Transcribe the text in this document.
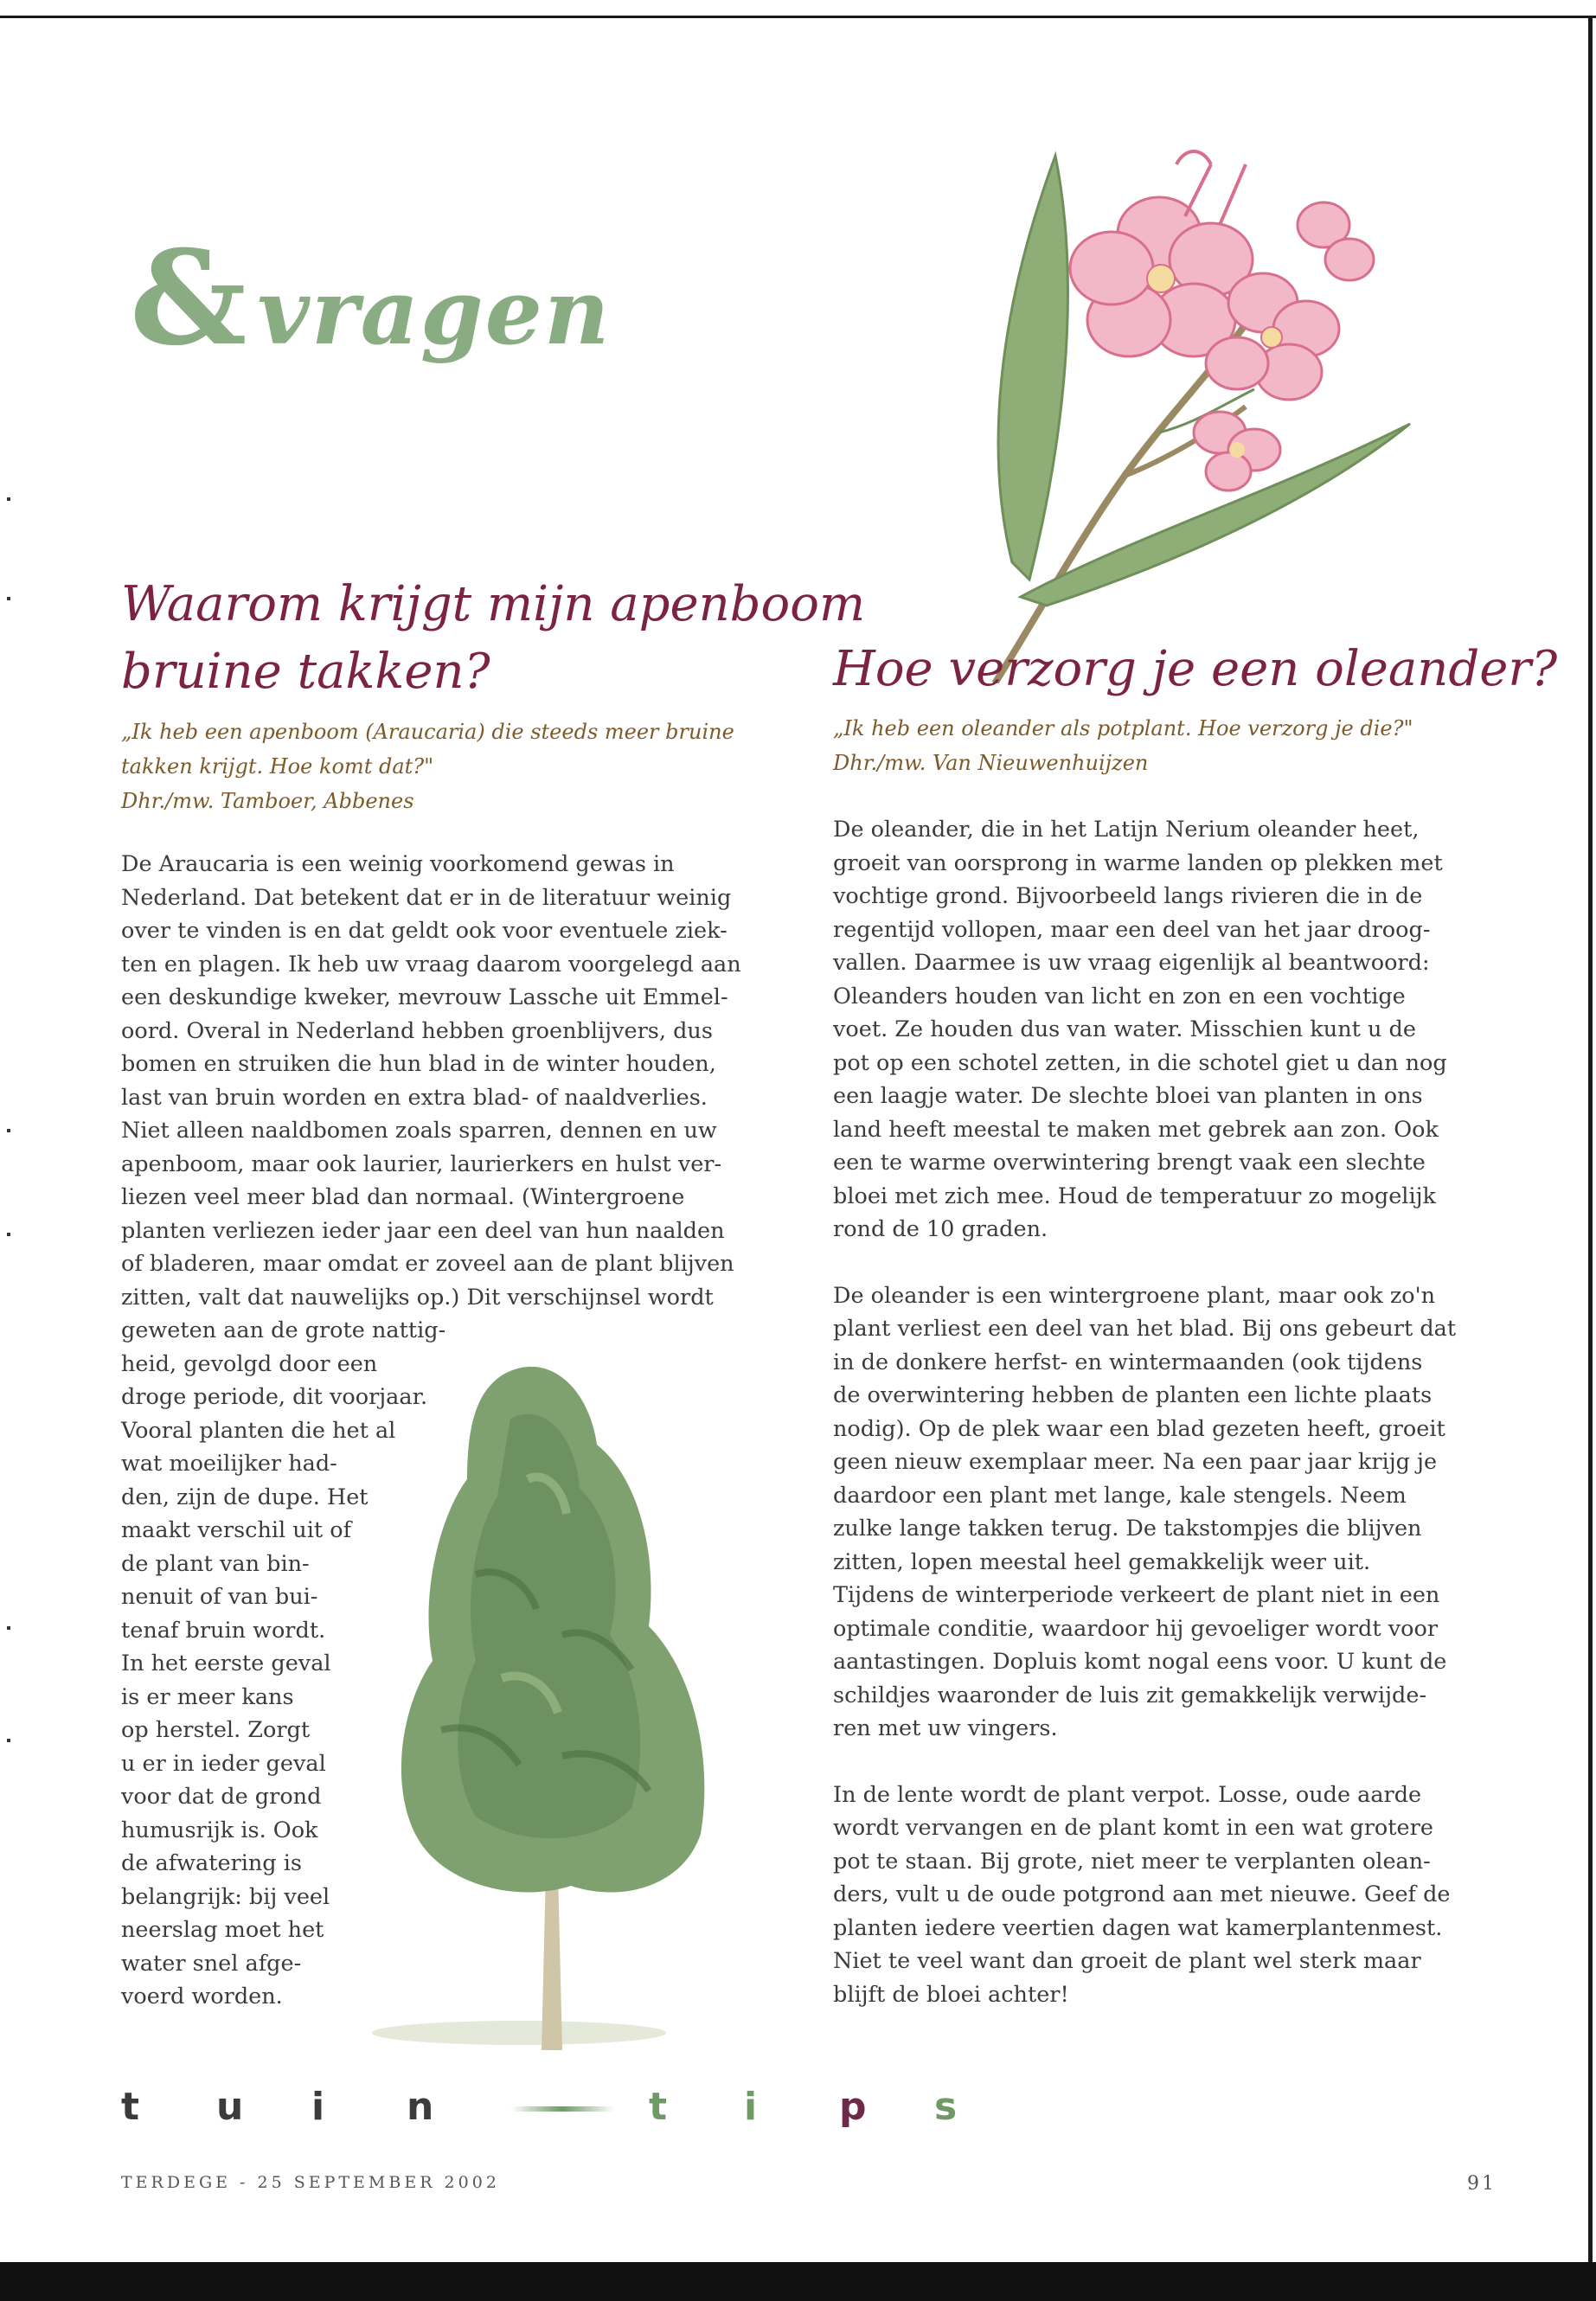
& vragen
Waarom krijgt mijn apenboom
bruine takken?
„Ik heb een apenboom (Araucaria) die steeds meer bruine
takken krijgt. Hoe komt dat?"
Dhr./mw. Tamboer, Abbenes
De Araucaria is een weinig voorkomend gewas in
Nederland. Dat betekent dat er in de literatuur weinig
over te vinden is en dat geldt ook voor eventuele ziek-
ten en plagen. Ik heb uw vraag daarom voorgelegd aan
een deskundige kweker, mevrouw Lassche uit Emmel-
oord. Overal in Nederland hebben groenblijvers, dus
bomen en struiken die hun blad in de winter houden,
last van bruin worden en extra blad- of naaldverlies.
Niet alleen naaldbomen zoals sparren, dennen en uw
apenboom, maar ook laurier, laurierkers en hulst ver-
liezen veel meer blad dan normaal. (Wintergroene
planten verliezen ieder jaar een deel van hun naalden
of bladeren, maar omdat er zoveel aan de plant blijven
zitten, valt dat nauwelijks op.) Dit verschijnsel wordt
geweten aan de grote nattig-
heid, gevolgd door een
droge periode, dit voorjaar.
Vooral planten die het al
wat moeilijker had-
den, zijn de dupe. Het
maakt verschil uit of
de plant van bin-
nenuit of van bui-
tenaf bruin wordt.
In het eerste geval
is er meer kans
op herstel. Zorgt
u er in ieder geval
voor dat de grond
humusrijk is. Ook
de afwatering is
belangrijk: bij veel
neerslag moet het
water snel afge-
voerd worden.
Hoe verzorg je een oleander?
„Ik heb een oleander als potplant. Hoe verzorg je die?"
Dhr./mw. Van Nieuwenhuijzen
De oleander, die in het Latijn Nerium oleander heet,
groeit van oorsprong in warme landen op plekken met
vochtige grond. Bijvoorbeeld langs rivieren die in de
regentijd vollopen, maar een deel van het jaar droog-
vallen. Daarmee is uw vraag eigenlijk al beantwoord:
Oleanders houden van licht en zon en een vochtige
voet. Ze houden dus van water. Misschien kunt u de
pot op een schotel zetten, in die schotel giet u dan nog
een laagje water. De slechte bloei van planten in ons
land heeft meestal te maken met gebrek aan zon. Ook
een te warme overwintering brengt vaak een slechte
bloei met zich mee. Houd de temperatuur zo mogelijk
rond de 10 graden.
De oleander is een wintergroene plant, maar ook zo'n
plant verliest een deel van het blad. Bij ons gebeurt dat
in de donkere herfst- en wintermaanden (ook tijdens
de overwintering hebben de planten een lichte plaats
nodig). Op de plek waar een blad gezeten heeft, groeit
geen nieuw exemplaar meer. Na een paar jaar krijg je
daardoor een plant met lange, kale stengels. Neem
zulke lange takken terug. De takstompjes die blijven
zitten, lopen meestal heel gemakkelijk weer uit.
Tijdens de winterperiode verkeert de plant niet in een
optimale conditie, waardoor hij gevoeliger wordt voor
aantastingen. Dopluis komt nogal eens voor. U kunt de
schildjes waaronder de luis zit gemakkelijk verwijde-
ren met uw vingers.
In de lente wordt de plant verpot. Losse, oude aarde
wordt vervangen en de plant komt in een wat grotere
pot te staan. Bij grote, niet meer te verplanten olean-
ders, vult u de oude potgrond aan met nieuwe. Geef de
planten iedere veertien dagen wat kamerplantenmest.
Niet te veel want dan groeit de plant wel sterk maar
blijft de bloei achter!
t u i n	t i p s
TERDEGE - 25 SEPTEMBER 2002	91
